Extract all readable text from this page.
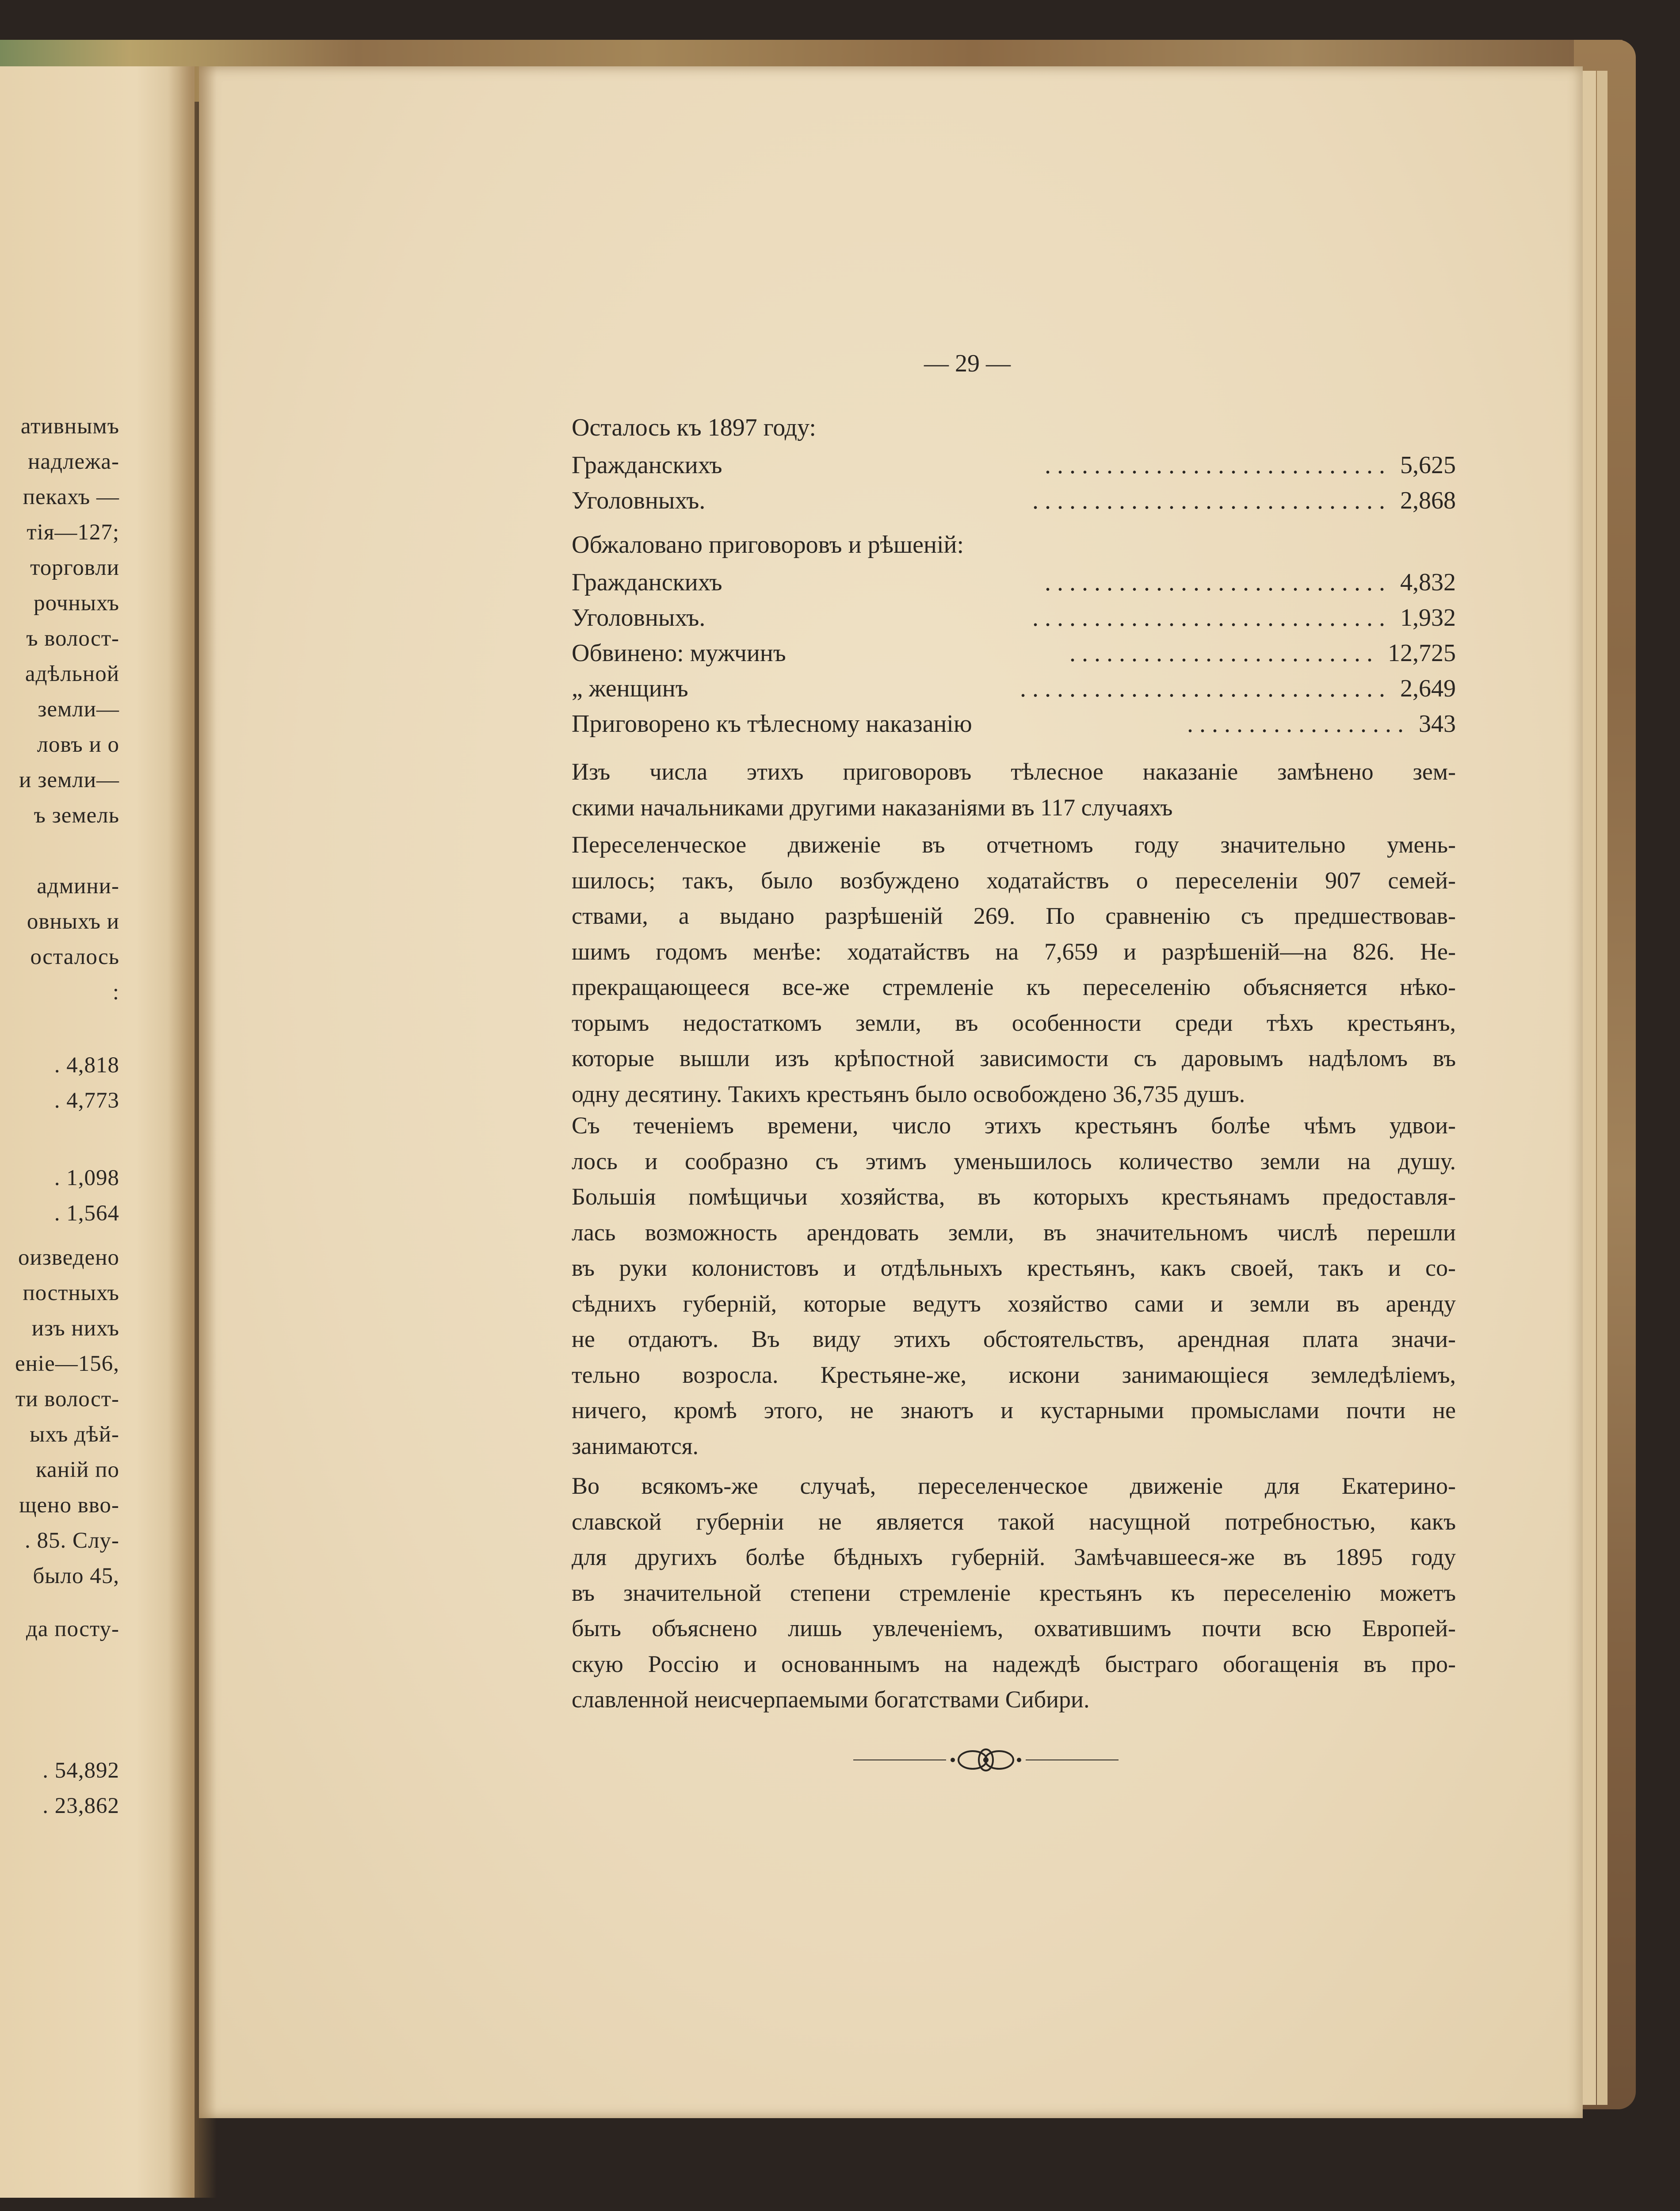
ативнымъ
надлежа-
пекахъ —
тія—127;
торговли
рочныхъ
ъ волост-
адѣльной
земли—
ловъ и о
и земли—
ъ земель
админи-
овныхъ и
осталось
:
. 4,818
. 4,773
. 1,098
. 1,564
оизведено
постныхъ
изъ нихъ
еніе—156,
ти волост-
ыхъ дѣй-
каній по
щено вво-
. 85. Слу-
было 45,
да посту-
. 54,892
. 23,862
— 29 —
Осталось къ 1897 году:
Гражданскихъ	............................ 5,625
Уголовныхъ.	............................. 2,868
Обжаловано приговоровъ и рѣшеній:
Гражданскихъ	............................ 4,832
Уголовныхъ.	............................. 1,932
Обвинено: мужчинъ	......................... 12,725
„ женщинъ	.............................. 2,649
Приговорено къ тѣлесному наказанію	.................. 343
Изъ числа этихъ приговоровъ тѣлесное наказаніе замѣнено зем-
скими начальниками другими наказаніями въ 117 случаяхъ
Переселенческое движеніе въ отчетномъ году значительно умень-
шилось; такъ, было возбуждено ходатайствъ о переселеніи 907 семей-
ствами, а выдано разрѣшеній 269. По сравненію съ предшествовав-
шимъ годомъ менѣе: ходатайствъ на 7,659 и разрѣшеній—на 826. Не-
прекращающееся все-же стремленіе къ переселенію объясняется нѣко-
торымъ недостаткомъ земли, въ особенности среди тѣхъ крестьянъ,
которые вышли изъ крѣпостной зависимости съ даровымъ надѣломъ въ
одну десятину. Такихъ крестьянъ было освобождено 36,735 душъ.
Съ теченіемъ времени, число этихъ крестьянъ болѣе чѣмъ удвои-
лось и сообразно съ этимъ уменьшилось количество земли на душу.
Большія помѣщичьи хозяйства, въ которыхъ крестьянамъ предоставля-
лась возможность арендовать земли, въ значительномъ числѣ перешли
въ руки колонистовъ и отдѣльныхъ крестьянъ, какъ своей, такъ и со-
сѣднихъ губерній, которые ведутъ хозяйство сами и земли въ аренду
не отдаютъ. Въ виду этихъ обстоятельствъ, арендная плата значи-
тельно возросла. Крестьяне-же, искони занимающіеся земледѣліемъ,
ничего, кромѣ этого, не знаютъ и кустарными промыслами почти не
занимаются.
Во всякомъ-же случаѣ, переселенческое движеніе для Екатерино-
славской губерніи не является такой насущной потребностью, какъ
для другихъ болѣе бѣдныхъ губерній. Замѣчавшееся-же въ 1895 году
въ значительной степени стремленіе крестьянъ къ переселенію можетъ
быть объяснено лишь увлеченіемъ, охватившимъ почти всю Европей-
скую Россію и основаннымъ на надеждѣ быстраго обогащенія въ про-
славленной неисчерпаемыми богатствами Сибири.
